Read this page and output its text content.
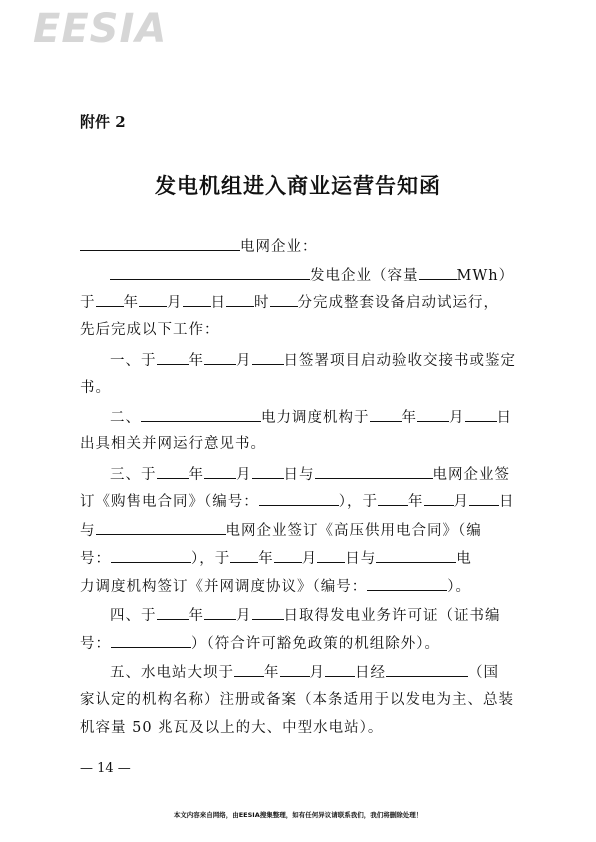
EESIA
附件 2
发电机组进入商业运营告知函
电网企业：
发电企业（容量	MWh）
于 年 月 日 时 分完成整套设备启动试运行，
先后完成以下工作：
一、于 年 月 日签署项目启动验收交接书或鉴定
书。
二、	电力调度机构于 年 月 日
出具相关并网运行意见书。
三、于 年 月 日与	电网企业签
订《购售电合同》（编号：	），于 年 月 日
与	电网企业签订《高压供用电合同》（编
号：	），于 年 月 日与	电
力调度机构签订《并网调度协议》（编号：	）。
四、于 年 月 日取得发电业务许可证（证书编
号：	）（符合许可豁免政策的机组除外）。
五、水电站大坝于 年 月 日经	（国
家认定的机构名称）注册或备案（本条适用于以发电为主、总装
机容量 50 兆瓦及以上的大、中型水电站）。
— 14 —
本文内容来自网络，由EESIA搜集整理，如有任何异议请联系我们，我们将删除处理！
